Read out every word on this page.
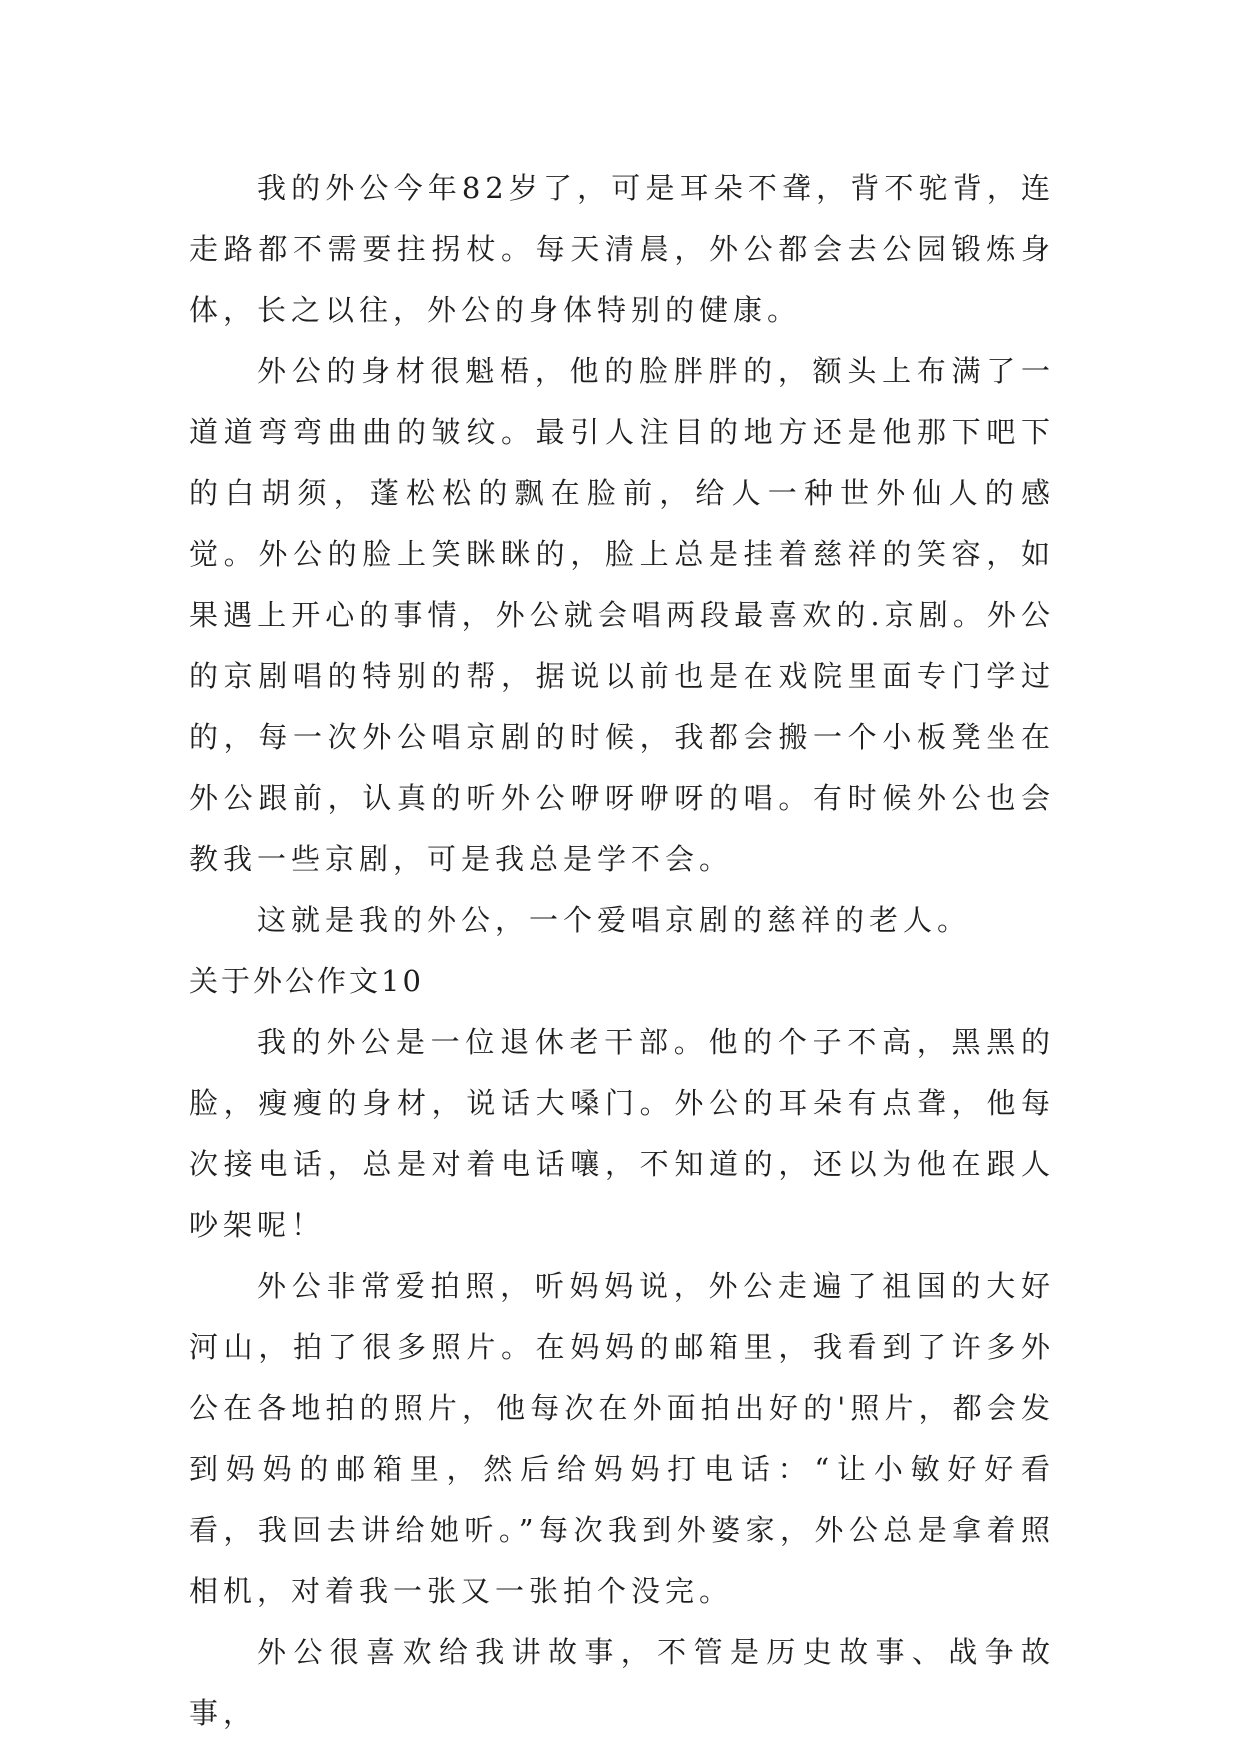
我的外公今年82岁了，可是耳朵不聋，背不驼背，连走路都不需要拄拐杖。每天清晨，外公都会去公园锻炼身体，长之以往，外公的身体特别的健康。

外公的身材很魁梧，他的脸胖胖的，额头上布满了一道道弯弯曲曲的皱纹。最引人注目的地方还是他那下吧下的白胡须，蓬松松的飘在脸前，给人一种世外仙人的感觉。外公的脸上笑眯眯的，脸上总是挂着慈祥的笑容，如果遇上开心的事情，外公就会唱两段最喜欢的.京剧。外公的京剧唱的特别的帮，据说以前也是在戏院里面专门学过的，每一次外公唱京剧的时候，我都会搬一个小板凳坐在外公跟前，认真的听外公咿呀咿呀的唱。有时候外公也会教我一些京剧，可是我总是学不会。

这就是我的外公，一个爱唱京剧的慈祥的老人。

关于外公作文10

我的外公是一位退休老干部。他的个子不高，黑黑的脸，瘦瘦的身材，说话大嗓门。外公的耳朵有点聋，他每次接电话，总是对着电话嚷，不知道的，还以为他在跟人吵架呢！

外公非常爱拍照，听妈妈说，外公走遍了祖国的大好河山，拍了很多照片。在妈妈的邮箱里，我看到了许多外公在各地拍的照片，他每次在外面拍出好的'照片，都会发到妈妈的邮箱里，然后给妈妈打电话：“让小敏好好看看，我回去讲给她听。”每次我到外婆家，外公总是拿着照相机，对着我一张又一张拍个没完。

外公很喜欢给我讲故事，不管是历史故事、战争故事，
